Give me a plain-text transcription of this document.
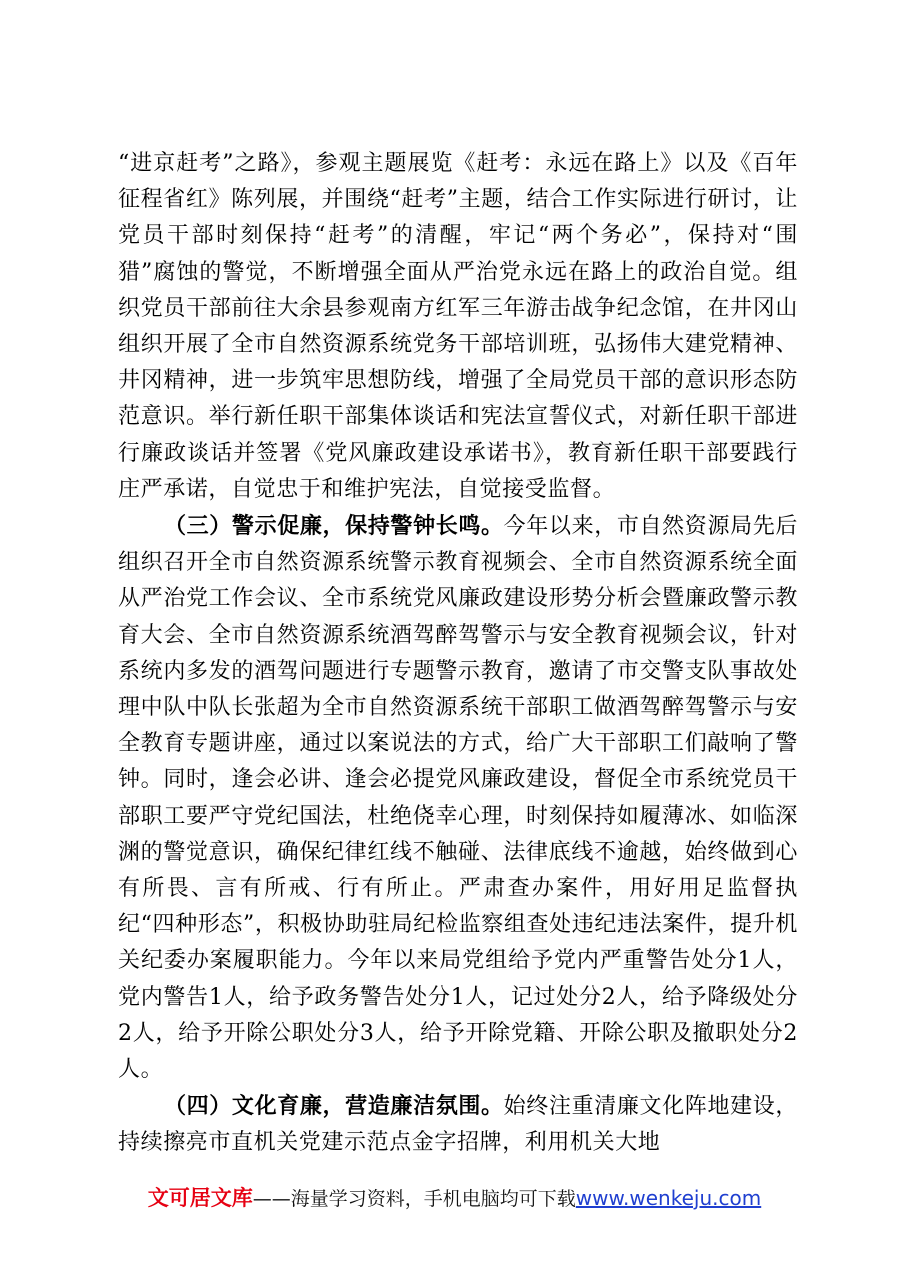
“进京赶考”之路》，参观主题展览《赶考：永远在路上》以及《百年征程省红》陈列展，并围绕“赶考”主题，结合工作实际进行研讨，让党员干部时刻保持“赶考”的清醒，牢记“两个务必”，保持对“围猎”腐蚀的警觉，不断增强全面从严治党永远在路上的政治自觉。组织党员干部前往大余县参观南方红军三年游击战争纪念馆，在井冈山组织开展了全市自然资源系统党务干部培训班，弘扬伟大建党精神、井冈精神，进一步筑牢思想防线，增强了全局党员干部的意识形态防范意识。举行新任职干部集体谈话和宪法宣誓仪式，对新任职干部进行廉政谈话并签署《党风廉政建设承诺书》，教育新任职干部要践行庄严承诺，自觉忠于和维护宪法，自觉接受监督。

（三）警示促廉，保持警钟长鸣。今年以来，市自然资源局先后组织召开全市自然资源系统警示教育视频会、全市自然资源系统全面从严治党工作会议、全市系统党风廉政建设形势分析会暨廉政警示教育大会、全市自然资源系统酒驾醉驾警示与安全教育视频会议，针对系统内多发的酒驾问题进行专题警示教育，邀请了市交警支队事故处理中队中队长张超为全市自然资源系统干部职工做酒驾醉驾警示与安全教育专题讲座，通过以案说法的方式，给广大干部职工们敲响了警钟。同时，逢会必讲、逢会必提党风廉政建设，督促全市系统党员干部职工要严守党纪国法，杜绝侥幸心理，时刻保持如履薄冰、如临深渊的警觉意识，确保纪律红线不触碰、法律底线不逾越，始终做到心有所畏、言有所戒、行有所止。严肃查办案件，用好用足监督执纪“四种形态”，积极协助驻局纪检监察组查处违纪违法案件，提升机关纪委办案履职能力。今年以来局党组给予党内严重警告处分1人，党内警告1人，给予政务警告处分1人，记过处分2人，给予降级处分2人，给予开除公职处分3人，给予开除党籍、开除公职及撤职处分2人。

（四）文化育廉，营造廉洁氛围。始终注重清廉文化阵地建设，持续擦亮市直机关党建示范点金字招牌，利用机关大地

文可居文库——海量学习资料，手机电脑均可下载www.wenkeju.com
